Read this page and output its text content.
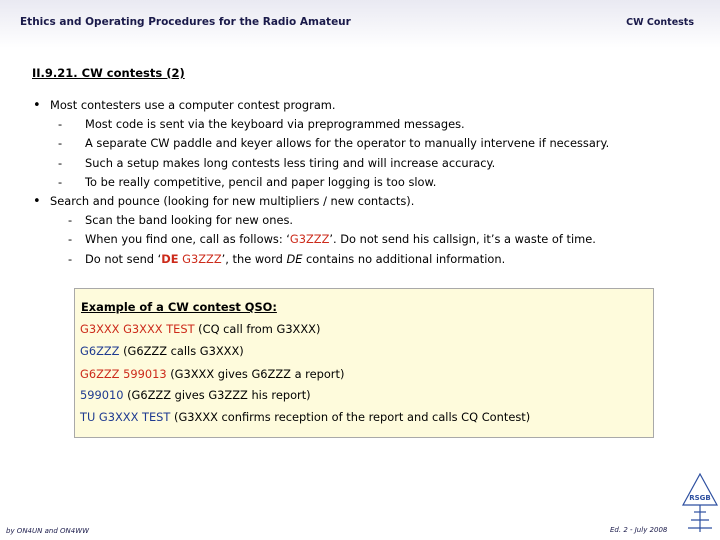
Ethics and Operating Procedures for the Radio Amateur	CW Contests
II.9.21. CW contests (2)
• Most contesters use a computer contest program.
- Most code is sent via the keyboard via preprogrammed messages.
- A separate CW paddle and keyer allows for the operator to manually intervene if necessary.
- Such a setup makes long contests less tiring and will increase accuracy.
- To be really competitive, pencil and paper logging is too slow.
• Search and pounce (looking for new multipliers / new contacts).
- Scan the band looking for new ones.
- When you find one, call as follows: ‘G3ZZZ’. Do not send his callsign, it’s a waste of time.
- Do not send ‘DE G3ZZZ’, the word DE contains no additional information.
Example of a CW contest QSO:
G3XXX G3XXX TEST (CQ call from G3XXX)
G6ZZZ (G6ZZZ calls G3XXX)
G6ZZZ 599013 (G3XXX gives G6ZZZ a report)
599010 (G6ZZZ gives G3ZZZ his report)
TU G3XXX TEST (G3XXX confirms reception of the report and calls CQ Contest)
by ON4UN and ON4WW	Ed. 2 - July 2008
RSGB
